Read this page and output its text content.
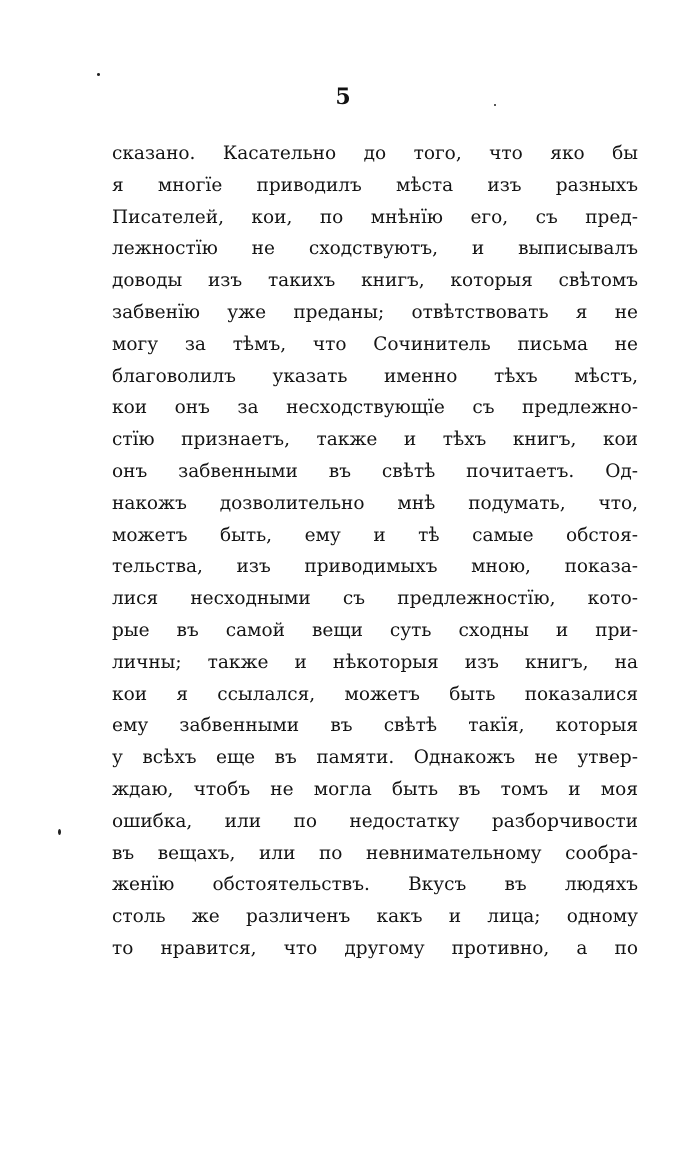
5
сказано. Касательно до того, что яко бы
я многїе приводилъ мѣста изъ разныхъ
Писателей, кои, по мнѣнїю его, съ пред-
лежностїю не сходствуютъ, и выписывалъ
доводы изъ такихъ книгъ, которыя свѣтомъ
забвенїю уже преданы; отвѣтствовать я не
могу за тѣмъ, что Сочинитель письма не
благоволилъ указать именно тѣхъ мѣстъ,
кои онъ за несходствующїе съ предлежно-
стїю признаетъ, также и тѣхъ книгъ, кои
онъ забвенными въ свѣтѣ почитаетъ. Од-
накожъ дозволительно мнѣ подумать, что,
можетъ быть, ему и тѣ самые обстоя-
тельства, изъ приводимыхъ мною, показа-
лися несходными съ предлежностїю, кото-
рые въ самой вещи суть сходны и при-
личны; также и нѣкоторыя изъ книгъ, на
кои я ссылался, можетъ быть показалися
ему забвенными въ свѣтѣ такїя, которыя
у всѣхъ еще въ памяти. Однакожъ не утвер-
ждаю, чтобъ не могла быть въ томъ и моя
ошибка, или по недостатку разборчивости
въ вещахъ, или по невнимательному сообра-
женїю обстоятельствъ. Вкусъ въ людяхъ
столь же различенъ какъ и лица; одному
то нравится, что другому противно, а по
